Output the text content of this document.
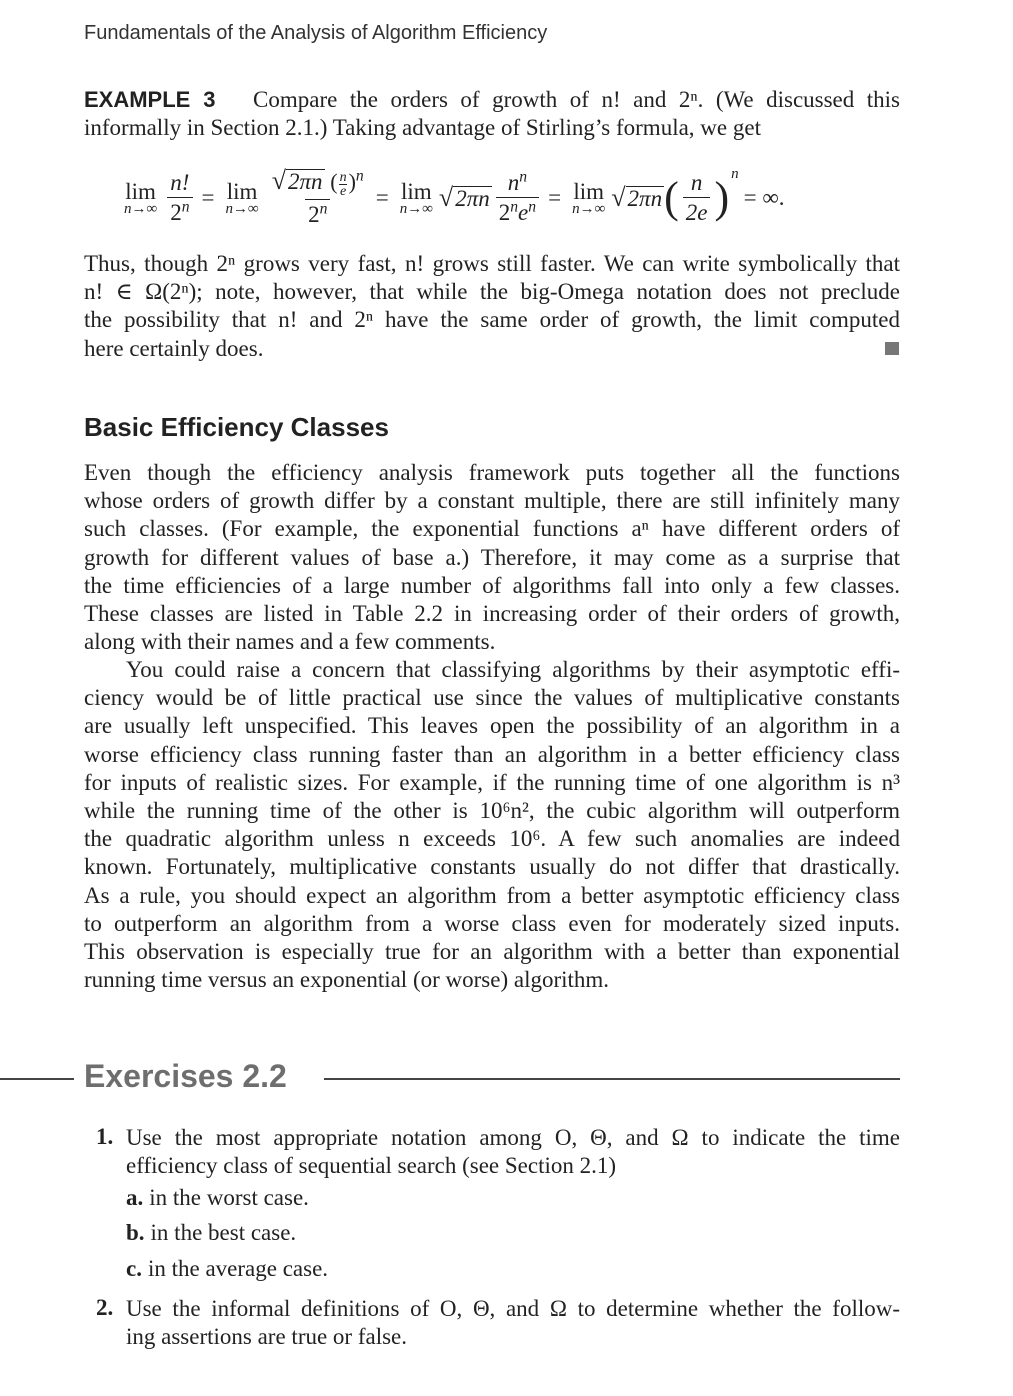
Fundamentals of the Analysis of Algorithm Efficiency

EXAMPLE 3 Compare the orders of growth of n! and 2ⁿ. (We discussed this
informally in Section 2.1.) Taking advantage of Stirling’s formula, we get

lim
$n\to\infty \frac{n!}{2^n} = \lim$
$n\to\infty \frac{√ 2\pi n ( \frac{n}{e} )^n}{2^n} = \lim$
n→∞ √ $2\pi n \frac{n^n}{2^ne^n} = \lim$
n→∞ √ 2πn ( $\frac{n}{2e}$ ) n
= ∞.

Thus, though 2ⁿ grows very fast, n! grows still faster. We can write symbolically that
n! ∈ Ω(2ⁿ); note, however, that while the big-Omega notation does not preclude
the possibility that n! and 2ⁿ have the same order of growth, the limit computed
here certainly does.

Basic Efficiency Classes

Even though the efficiency analysis framework puts together all the functions
whose orders of growth differ by a constant multiple, there are still infinitely many
such classes. (For example, the exponential functions aⁿ have different orders of
growth for different values of base a.) Therefore, it may come as a surprise that
the time efficiencies of a large number of algorithms fall into only a few classes.
These classes are listed in Table 2.2 in increasing order of their orders of growth,
along with their names and a few comments.

You could raise a concern that classifying algorithms by their asymptotic effi-
ciency would be of little practical use since the values of multiplicative constants
are usually left unspecified. This leaves open the possibility of an algorithm in a
worse efficiency class running faster than an algorithm in a better efficiency class
for inputs of realistic sizes. For example, if the running time of one algorithm is n³
while the running time of the other is 10⁶n², the cubic algorithm will outperform
the quadratic algorithm unless n exceeds 10⁶. A few such anomalies are indeed
known. Fortunately, multiplicative constants usually do not differ that drastically.
As a rule, you should expect an algorithm from a better asymptotic efficiency class
to outperform an algorithm from a worse class even for moderately sized inputs.
This observation is especially true for an algorithm with a better than exponential
running time versus an exponential (or worse) algorithm.

Exercises 2.2
1. Use the most appropriate notation among O, Θ, and Ω to indicate the time
efficiency class of sequential search (see Section 2.1)

a. in the worst case.
b. in the best case.
c. in the average case.
2. Use the informal definitions of O, Θ, and Ω to determine whether the follow-
ing assertions are true or false.
